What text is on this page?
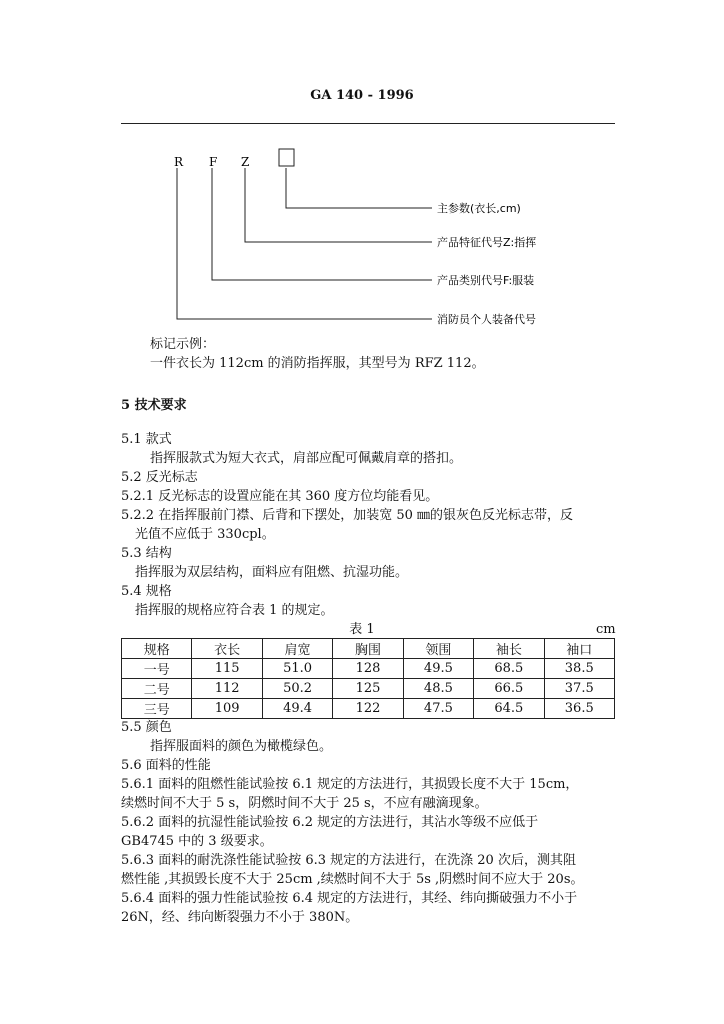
GA 140 - 1996
R F Z
主参数(衣长,cm)
产品特征代号Z:指挥
产品类别代号F:服装
消防员个人装备代号
标记示例：
一件衣长为 112cm 的消防指挥服，其型号为 RFZ 112。
5 技术要求
5.1 款式
指挥服款式为短大衣式，肩部应配可佩戴肩章的搭扣。
5.2 反光标志
5.2.1 反光标志的设置应能在其 360 度方位均能看见。
5.2.2 在指挥服前门襟、后背和下摆处，加装宽 50 ㎜的银灰色反光标志带，反
光值不应低于 330cpl。
5.3 结构
指挥服为双层结构，面料应有阻燃、抗湿功能。
5.4 规格
指挥服的规格应符合表 1 的规定。
表 1	cm
规格	衣长	肩宽	胸围	领围	袖长	袖口
一号	115	51.0	128	49.5	68.5	38.5
二号	112	50.2	125	48.5	66.5	37.5
三号	109	49.4	122	47.5	64.5	36.5
5.5 颜色
指挥服面料的颜色为橄榄绿色。
5.6 面料的性能
5.6.1 面料的阻燃性能试验按 6.1 规定的方法进行，其损毁长度不大于 15cm，
续燃时间不大于 5 s，阴燃时间不大于 25 s，不应有融滴现象。
5.6.2 面料的抗湿性能试验按 6.2 规定的方法进行，其沾水等级不应低于
GB4745 中的 3 级要求。
5.6.3 面料的耐洗涤性能试验按 6.3 规定的方法进行，在洗涤 20 次后，测其阻
燃性能 ,其损毁长度不大于 25cm ,续燃时间不大于 5s ,阴燃时间不应大于 20s。
5.6.4 面料的强力性能试验按 6.4 规定的方法进行，其经、纬向撕破强力不小于
26N，经、纬向断裂强力不小于 380N。
